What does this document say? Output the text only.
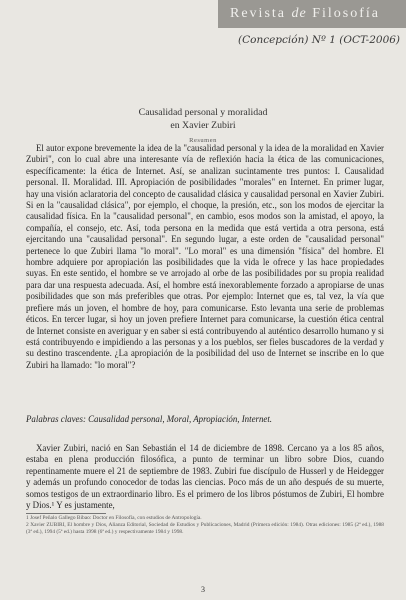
Revista de Filosofía
(Concepción) Nº 1 (OCT-2006)
Causalidad personal y moralidad
en Xavier Zubiri
Resumen
El autor expone brevemente la idea de la "causalidad personal y la idea de la moralidad en Xavier Zubiri", con lo cual abre una interesante vía de reflexión hacia la ética de las comunicaciones, específicamente: la ética de Internet. Así, se analizan sucintamente tres puntos: I. Causalidad personal. II. Moralidad. III. Apropiación de posibilidades "morales" en Internet. En primer lugar, hay una visión aclaratoria del concepto de causalidad clásica y causalidad personal en Xavier Zubiri. Si en la "causalidad clásica", por ejemplo, el choque, la presión, etc., son los modos de ejercitar la causalidad física. En la "causalidad personal", en cambio, esos modos son la amistad, el apoyo, la compañía, el consejo, etc. Así, toda persona en la medida que está vertida a otra persona, está ejercitando una "causalidad personal". En segundo lugar, a este orden de "causalidad personal" pertenece lo que Zubiri llama "lo moral". "Lo moral" es una dimensión "física" del hombre. El hombre adquiere por apropiación las posibilidades que la vida le ofrece y las hace propiedades suyas. En este sentido, el hombre se ve arrojado al orbe de las posibilidades por su propia realidad para dar una respuesta adecuada. Así, el hombre está inexorablemente forzado a apropiarse de unas posibilidades que son más preferibles que otras. Por ejemplo: Internet que es, tal vez, la vía que prefiere más un joven, el hombre de hoy, para comunicarse. Esto levanta una serie de problemas éticos. En tercer lugar, si hoy un joven prefiere Internet para comunicarse, la cuestión ética central de Internet consiste en averiguar y en saber si está contribuyendo al auténtico desarrollo humano y si está contribuyendo e impidiendo a las personas y a los pueblos, ser fieles buscadores de la verdad y su destino trascendente. ¿La apropiación de la posibilidad del uso de Internet se inscribe en lo que Zubiri ha llamado: "lo moral"?
Palabras claves: Causalidad personal, Moral, Apropiación, Internet.
Xavier Zubiri, nació en San Sebastián el 14 de diciembre de 1898. Cercano ya a los 85 años, estaba en plena producción filosófica, a punto de terminar un libro sobre Dios, cuando repentinamente muere el 21 de septiembre de 1983. Zubiri fue discípulo de Husserl y de Heidegger y además un profundo conocedor de todas las ciencias. Poco más de un año después de su muerte, somos testigos de un extraordinario libro. Es el primero de los libros póstumos de Zubiri, El hombre y Dios.¹ Y es justamente,

1 Josef Peñalo Gallego Bibao: Doctor en Filosofía, con estudios de Antropología.

2 Xavier ZUBIRI, El hombre y Dios, Alianza Editorial, Sociedad de Estudios y Publicaciones, Madrid (Primera edición: 1984). Otras ediciones: 1985 (2ª ed.), 1988 (3ª ed.), 1994 (5ª ed.) hasta 1998 (6ª ed.) y respectivamente 1984 y 1998.

3
